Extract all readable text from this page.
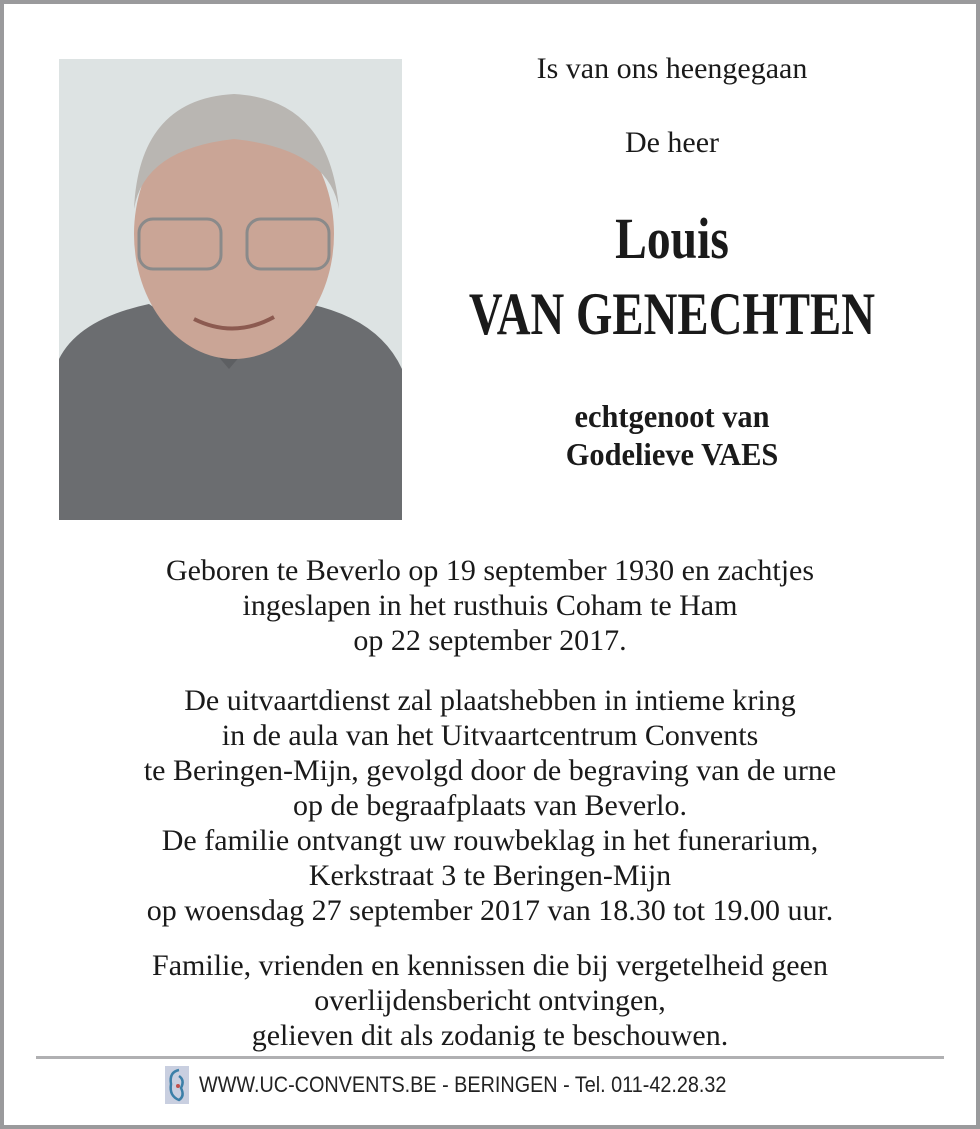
Is van ons heengegaan
De heer
Louis
VAN GENECHTEN
echtgenoot van
Godelieve VAES
Geboren te Beverlo op 19 september 1930 en zachtjes
ingeslapen in het rusthuis Coham te Ham
op 22 september 2017.
De uitvaartdienst zal plaatshebben in intieme kring
in de aula van het Uitvaartcentrum Convents
te Beringen-Mijn, gevolgd door de begraving van de urne
op de begraafplaats van Beverlo.
De familie ontvangt uw rouwbeklag in het funerarium,
Kerkstraat 3 te Beringen-Mijn
op woensdag 27 september 2017 van 18.30 tot 19.00 uur.
Familie, vrienden en kennissen die bij vergetelheid geen
overlijdensbericht ontvingen,
gelieven dit als zodanig te beschouwen.
WWW.UC-CONVENTS.BE - BERINGEN - Tel. 011-42.28.32
